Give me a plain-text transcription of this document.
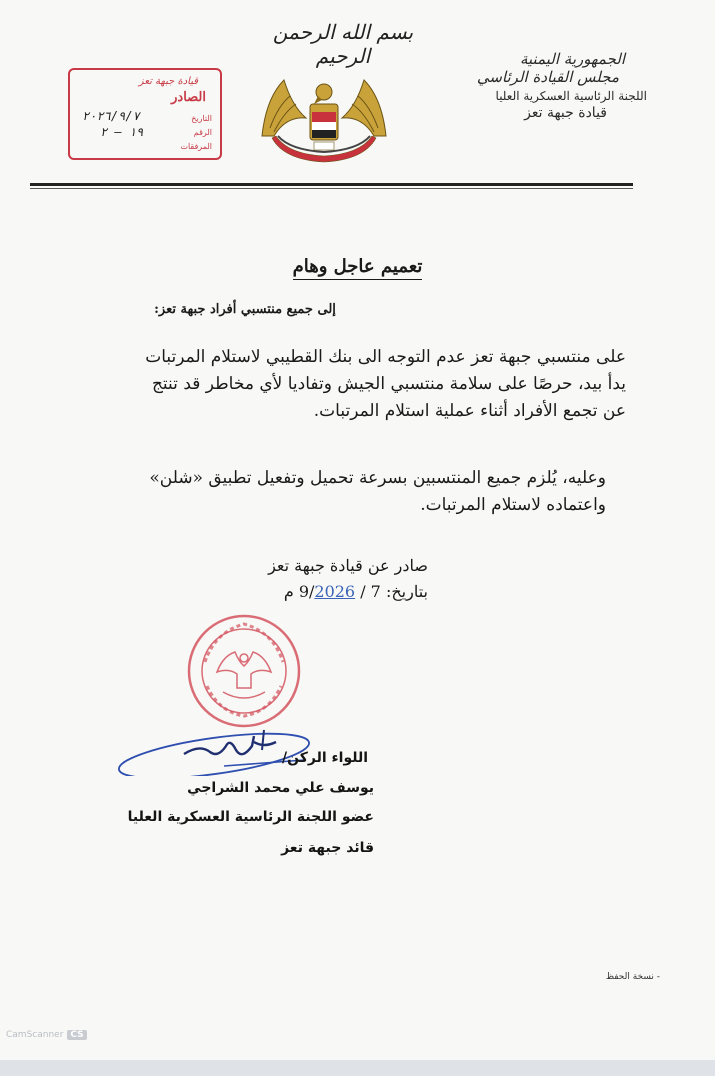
بسم الله الرحمن الرحيم	الجمهورية اليمنية
مجلس القيادة الرئاسي
اللجنة الرئاسية العسكرية العليا
قيادة جبهة تعز
قيادة جبهة تعز
الصادر
التاريخ
الرقم
المرفقات
٢٠٢٦/٩/٧
١٩ — ٢
تعميم عاجل وهام
إلى جميع منتسبي أفراد جبهة تعز:
على منتسبي جبهة تعز عدم التوجه الى بنك القطيبي لاستلام المرتبات
يدأ بيد، حرصًا على سلامة منتسبي الجيش وتفاديا لأي مخاطر قد تنتج
عن تجمع الأفراد أثناء عملية استلام المرتبات.
وعليه، يُلزم جميع المنتسبين بسرعة تحميل وتفعيل تطبيق «شلن»
واعتماده لاستلام المرتبات.
صادر عن قيادة جبهة تعز
بتاريخ: 7 / 9/2026 م
اللواء الركن/
يوسف علي محمد الشراجي
عضو اللجنة الرئاسية العسكرية العليا
قائد جبهة تعز
- نسخة الحفظ
CSCamScanner
